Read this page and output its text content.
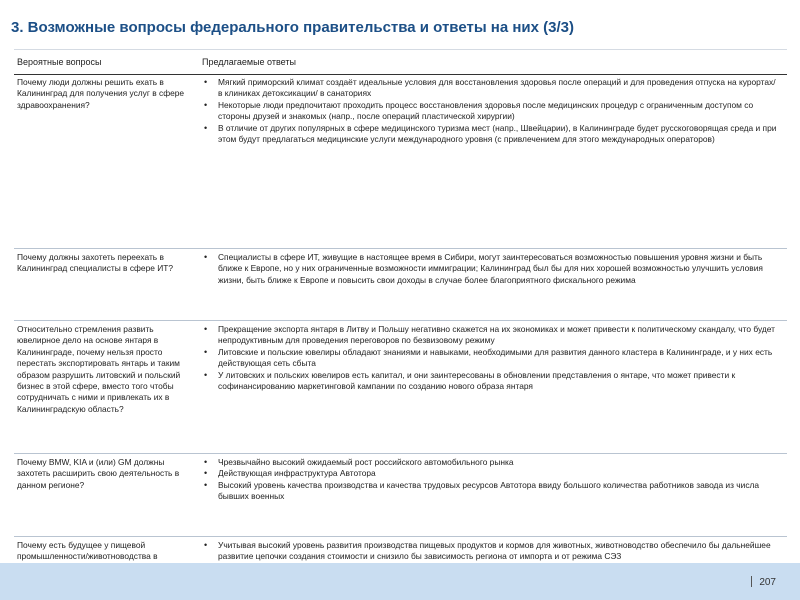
3. Возможные вопросы федерального правительства и ответы на них (3/3)
Вероятные вопросы	Предлагаемые ответы
Почему люди должны решить ехать в Калининград для получения услуг в сфере здравоохранения?
• Мягкий приморский климат создаёт идеальные условия для восстановления здоровья после операций и для проведения отпуска на курортах/ в клиниках детоксикации/ в санаториях
• Некоторые люди предпочитают проходить процесс восстановления здоровья после медицинских процедур с ограниченным доступом со стороны друзей и знакомых (напр., после операций пластической хирургии)
• В отличие от других популярных в сфере медицинского туризма мест (напр., Швейцарии), в Калининграде будет русскоговорящая среда и при этом будут предлагаться медицинские услуги международного уровня (с привлечением для этого международных операторов)
Почему должны захотеть переехать в Калининград специалисты в сфере ИТ?
• Специалисты в сфере ИТ, живущие в настоящее время в Сибири, могут заинтересоваться возможностью повышения уровня жизни и быть ближе к Европе, но у них ограниченные возможности иммиграции; Калининград был бы для них хорошей возможностью улучшить условия жизни, быть ближе к Европе и повысить свои доходы в случае более благоприятного фискального режима
Относительно стремления развить ювелирное дело на основе янтаря в Калининграде, почему нельзя просто перестать экспортировать янтарь и таким образом разрушить литовский и польский бизнес в этой сфере, вместо того чтобы сотрудничать с ними и привлекать их в Калининградскую область?
• Прекращение экспорта янтаря в Литву и Польшу негативно скажется на их экономиках и может привести к политическому скандалу, что будет непродуктивным для проведения переговоров по безвизовому режиму
• Литовские и польские ювелиры обладают знаниями и навыками, необходимыми для развития данного кластера в Калининграде, и у них есть действующая сеть сбыта
• У литовских и польских ювелиров есть капитал, и они заинтересованы в обновлении представления о янтаре, что может привести к софинансированию маркетинговой кампании по созданию нового образа янтаря
Почему BMW, KIA и (или) GM должны захотеть расширить свою деятельность в данном регионе?
• Чрезвычайно высокий ожидаемый рост российского автомобильного рынка
• Действующая инфраструктура Автотора
• Высокий уровень качества производства и качества трудовых ресурсов Автотора ввиду большого количества работников завода из числа бывших военных
Почему есть будущее у пищевой промышленности/животноводства в
• Учитывая высокий уровень развития производства пищевых продуктов и кормов для животных, животноводство обеспечило бы дальнейшее развитие цепочки создания стоимости и снизило бы зависимость региона от импорта и от режима СЭЗ
207
